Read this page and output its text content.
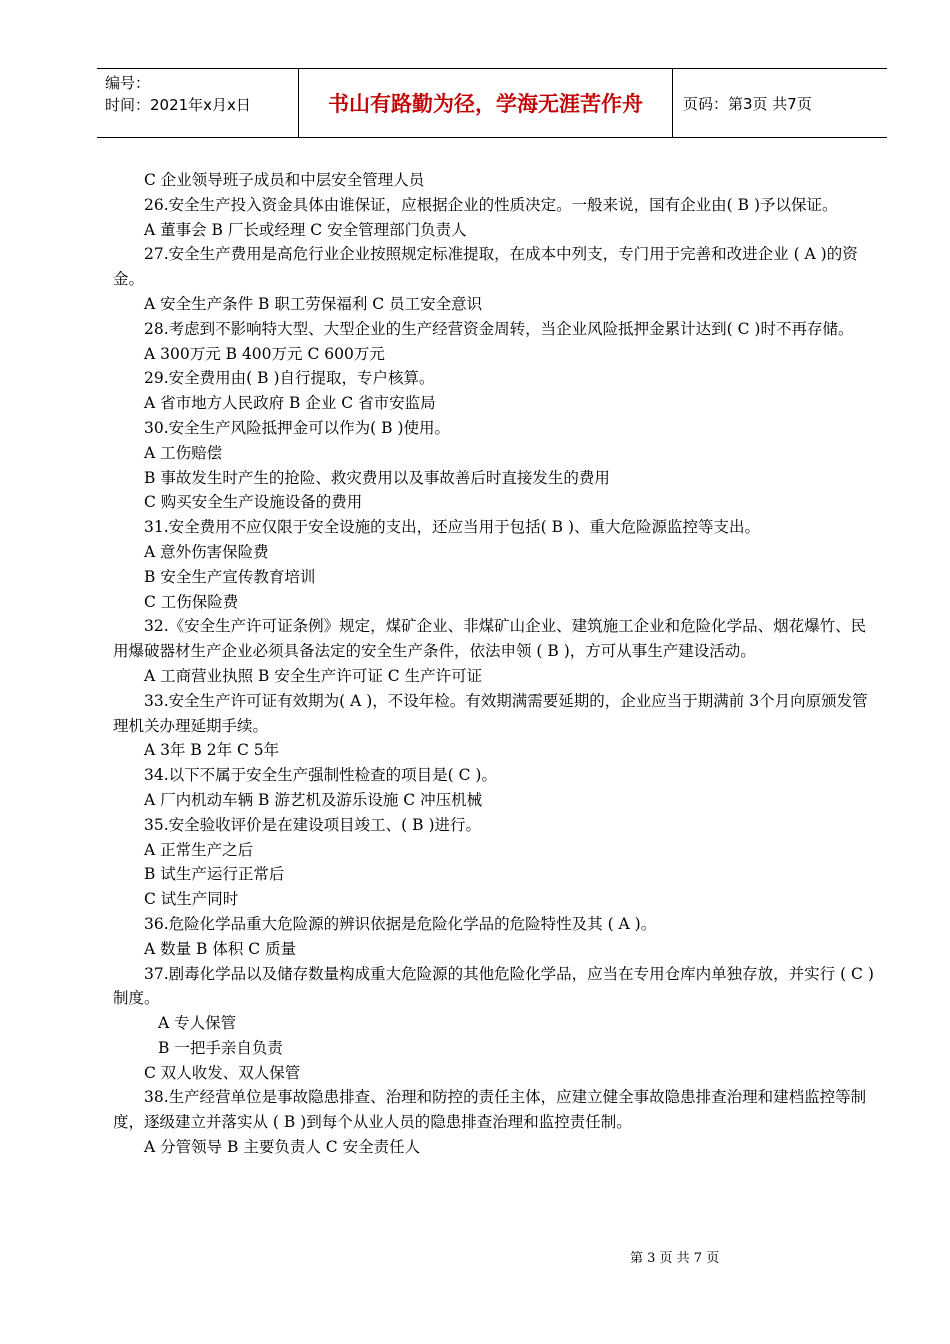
编号：
时间：2021年x月x日	书山有路勤为径，学海无涯苦作舟	页码：第3页 共7页

C 企业领导班子成员和中层安全管理人员

26.安全生产投入资金具体由谁保证，应根据企业的性质决定。一般来说，国有企业由( B )予以保证。

A 董事会 B 厂长或经理 C 安全管理部门负责人

27.安全生产费用是高危行业企业按照规定标准提取，在成本中列支，专门用于完善和改进企业 ( A )的资金。

A 安全生产条件 B 职工劳保福利 C 员工安全意识

28.考虑到不影响特大型、大型企业的生产经营资金周转，当企业风险抵押金累计达到( C )时不再存储。

A 300万元 B 400万元 C 600万元

29.安全费用由( B )自行提取，专户核算。

A 省市地方人民政府 B 企业 C 省市安监局

30.安全生产风险抵押金可以作为( B )使用。

A 工伤赔偿

B 事故发生时产生的抢险、救灾费用以及事故善后时直接发生的费用

C 购买安全生产设施设备的费用

31.安全费用不应仅限于安全设施的支出，还应当用于包括( B )、重大危险源监控等支出。

A 意外伤害保险费

B 安全生产宣传教育培训

C 工伤保险费

32.《安全生产许可证条例》规定，煤矿企业、非煤矿山企业、建筑施工企业和危险化学品、烟花爆竹、民用爆破器材生产企业必须具备法定的安全生产条件，依法申领 ( B )，方可从事生产建设活动。

A 工商营业执照 B 安全生产许可证 C 生产许可证

33.安全生产许可证有效期为( A )，不设年检。有效期满需要延期的，企业应当于期满前 3个月向原颁发管理机关办理延期手续。

A 3年 B 2年 C 5年

34.以下不属于安全生产强制性检查的项目是( C )。

A 厂内机动车辆 B 游艺机及游乐设施 C 冲压机械

35.安全验收评价是在建设项目竣工、( B )进行。

A 正常生产之后

B 试生产运行正常后

C 试生产同时

36.危险化学品重大危险源的辨识依据是危险化学品的危险特性及其 ( A )。

A 数量 B 体积 C 质量

37.剧毒化学品以及储存数量构成重大危险源的其他危险化学品，应当在专用仓库内单独存放，并实行 ( C )制度。

A 专人保管

B 一把手亲自负责

C 双人收发、双人保管

38.生产经营单位是事故隐患排查、治理和防控的责任主体，应建立健全事故隐患排查治理和建档监控等制度，逐级建立并落实从 ( B )到每个从业人员的隐患排查治理和监控责任制。

A 分管领导 B 主要负责人 C 安全责任人

第 3 页 共 7 页
